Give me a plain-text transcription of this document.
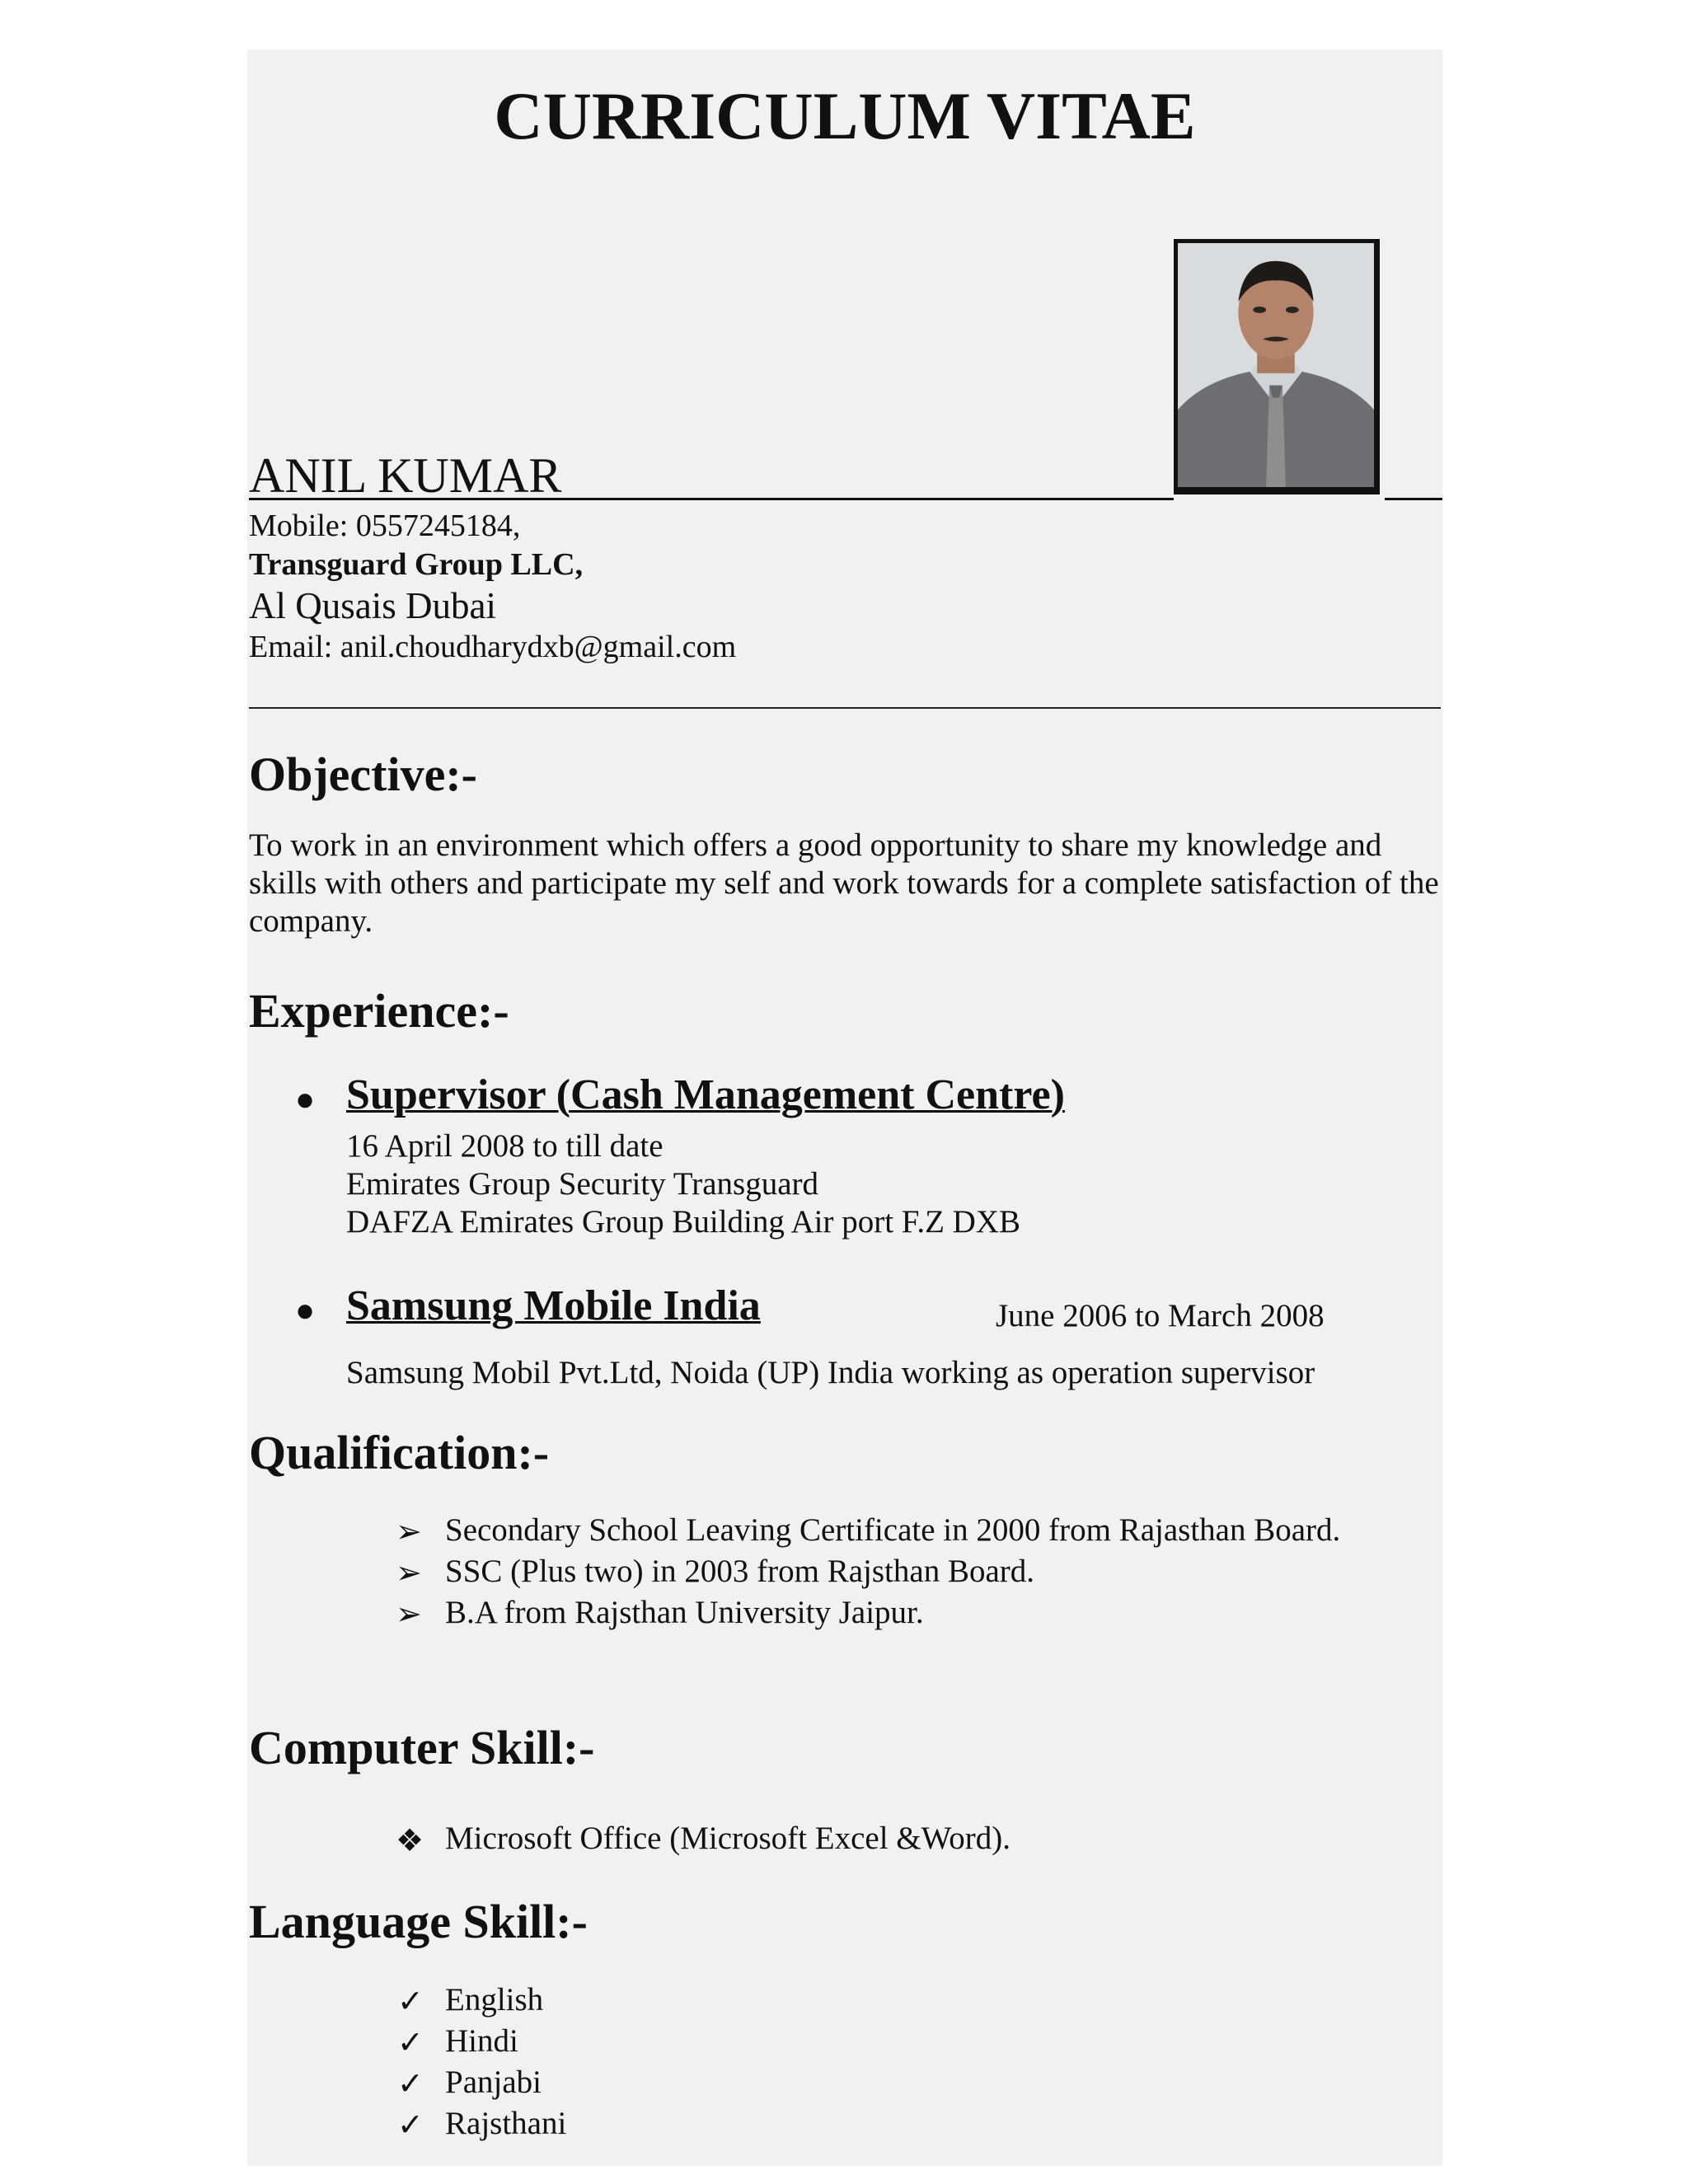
CURRICULUM VITAE
ANIL KUMAR
Mobile: 0557245184,
Transguard Group LLC,
Al Qusais Dubai
Email: anil.choudharydxb@gmail.com
Objective:-
To work in an environment which offers a good opportunity to share my knowledge and skills with others and participate my self and work towards for a complete satisfaction of the company.
Experience:-
● Supervisor (Cash Management Centre)
16 April 2008 to till date
Emirates Group Security Transguard
DAFZA Emirates Group Building Air port F.Z DXB
● Samsung Mobile India	June 2006 to March 2008
Samsung Mobil Pvt.Ltd, Noida (UP) India working as operation supervisor
Qualification:-
➢ Secondary School Leaving Certificate in 2000 from Rajasthan Board.
➢ SSC (Plus two) in 2003 from Rajsthan Board.
➢ B.A from Rajsthan University Jaipur.
Computer Skill:-
❖ Microsoft Office (Microsoft Excel &Word).
Language Skill:-
✓ English
✓ Hindi
✓ Panjabi
✓ Rajsthani
